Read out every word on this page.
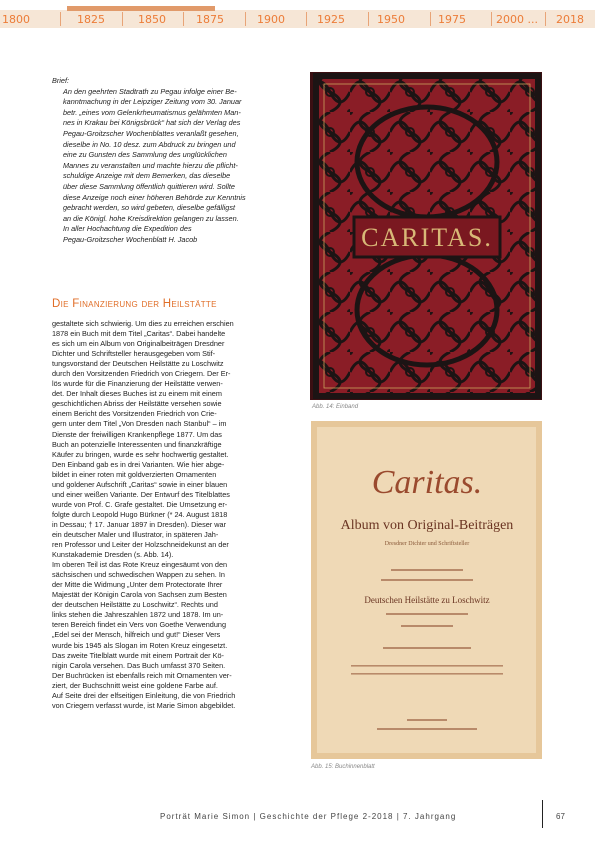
1800	1825	1850	1875	1900	1925	1950	1975	2000 ... 2018
Brief:
An den geehrten Stadtrath zu Pegau infolge einer Be-
kanntmachung in der Leipziger Zeitung vom 30. Januar
betr. „eines vom Gelenkrheumatismus gelähmten Man-
nes in Krakau bei Königsbrück“ hat sich der Verlag des
Pegau-Groitzscher Wochenblattes veranlaßt gesehen,
dieselbe in No. 10 desz. zum Abdruck zu bringen und
eine zu Gunsten des Sammlung des unglücklichen
Mannes zu veranstalten und machte hierzu die pflicht-
schuldige Anzeige mit dem Bemerken, das dieselbe
über diese Sammlung öffentlich quittieren wird. Sollte
diese Anzeige noch einer höheren Behörde zur Kenntnis
gebracht werden, so wird gebeten, dieselbe gefälligst
an die Königl. hohe Kreisdirektion gelangen zu lassen.
In aller Hochachtung die Expedition des
Pegau-Groitzscher Wochenblatt H. Jacob
Die Finanzierung der Heilstätte

gestaltete sich schwierig. Um dies zu erreichen erschien

1878 ein Buch mit dem Titel „Caritas“. Dabei handelte

es sich um ein Album von Originalbeiträgen Dresdner

Dichter und Schriftsteller herausgegeben vom Stif-

tungsvorstand der Deutschen Heilstätte zu Loschwitz

durch den Vorsitzenden Friedrich von Criegern. Der Er-

lös wurde für die Finanzierung der Heilstätte verwen-

det. Der Inhalt dieses Buches ist zu einem mit einem

geschichtlichen Abriss der Heilstätte versehen sowie

einem Bericht des Vorsitzenden Friedrich von Crie-

gern unter dem Titel „Von Dresden nach Stanbul“ – im

Dienste der freiwilligen Krankenpflege 1877. Um das

Buch an potenzielle Interessenten und finanzkräftige

Käufer zu bringen, wurde es sehr hochwertig gestaltet.

Den Einband gab es in drei Varianten. Wie hier abge-

bildet in einer roten mit goldverzierten Ornamenten

und goldener Aufschrift „Caritas“ sowie in einer blauen

und einer weißen Variante. Der Entwurf des Titelblattes

wurde von Prof. C. Grafe gestaltet. Die Umsetzung er-

folgte durch Leopold Hugo Bürkner (* 24. August 1818

in Dessau; † 17. Januar 1897 in Dresden). Dieser war

ein deutscher Maler und Illustrator, in späteren Jah-

ren Professor und Leiter der Holzschneidekunst an der

Kunstakademie Dresden (s. Abb. 14).

Im oberen Teil ist das Rote Kreuz eingesäumt von den

sächsischen und schwedischen Wappen zu sehen. In

der Mitte die Widmung „Unter dem Protectorate Ihrer

Majestät der Königin Carola von Sachsen zum Besten

der deutschen Heilstätte zu Loschwitz“. Rechts und

links stehen die Jahreszahlen 1872 und 1878. Im un-

teren Bereich findet ein Vers von Goethe Verwendung

„Edel sei der Mensch, hilfreich und gut!“ Dieser Vers

wurde bis 1945 als Slogan im Roten Kreuz eingesetzt.

Das zweite Titelblatt wurde mit einem Portrait der Kö-

nigin Carola versehen. Das Buch umfasst 370 Seiten.

Der Buchrücken ist ebenfalls reich mit Ornamenten ver-

ziert, der Buchschnitt weist eine goldene Farbe auf.

Auf Seite drei der elfseitigen Einleitung, die von Friedrich

von Criegern verfasst wurde, ist Marie Simon abgebildet.

CARITAS.
Abb. 14: Einband
Caritas.
Album von Original-Beiträgen
Dresdner Dichter und Schriftsteller
Deutschen Heilstätte zu Loschwitz
Abb. 15: Buchinnenblatt
Porträt Marie Simon | Geschichte der Pflege 2-2018 | 7. Jahrgang	67
